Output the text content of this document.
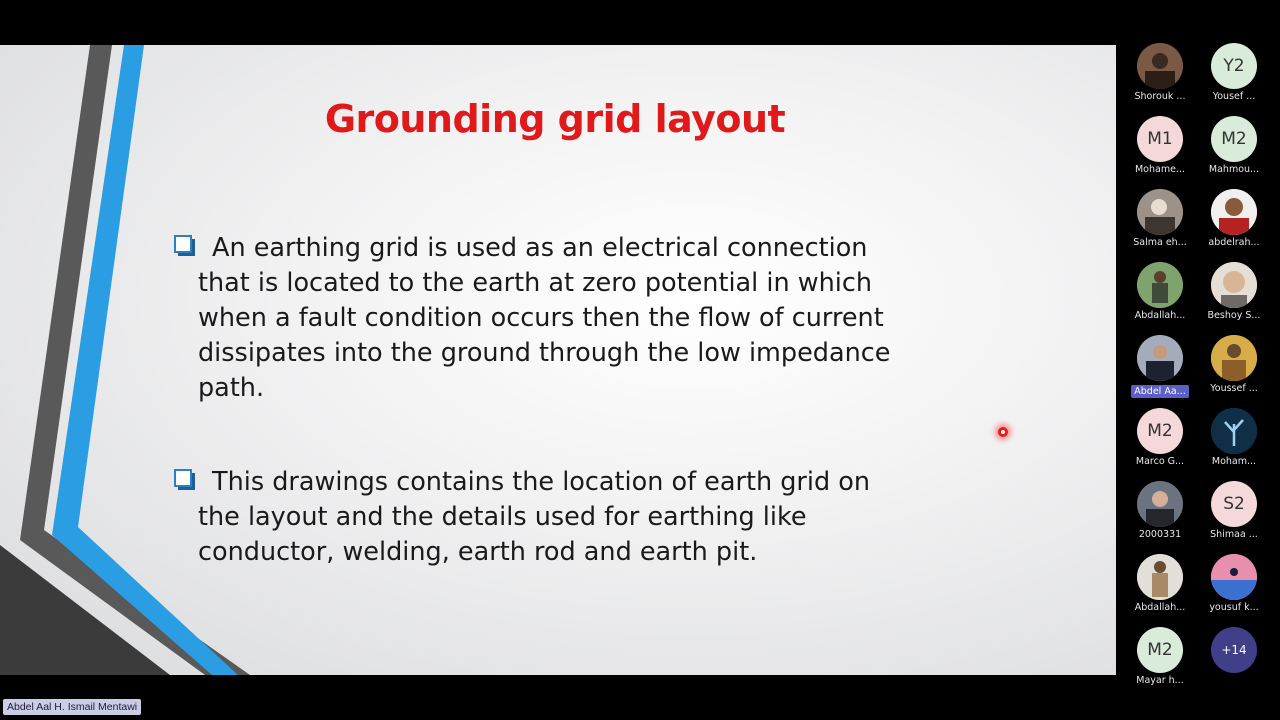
Grounding grid layout
An earthing grid is used as an electrical connection
that is located to the earth at zero potential in which
when a fault condition occurs then the flow of current
dissipates into the ground through the low impedance
path.
This drawings contains the location of earth grid on
the layout and the details used for earthing like
conductor, welding, earth rod and earth pit.
Shorouk ...
Y2
Yousef ...
M1
Mohame...
M2
Mahmou...
Salma eh...	abdelrah...
Abdallah...	Beshoy S...
Abdel Aa...	Youssef ...
M2
Marco G...	Moham...
2000331
S2
Shimaa ...
Abdallah...	yousuf k...
M2
Mayar h...
+14
Abdel Aal H. Ismail Mentawi
